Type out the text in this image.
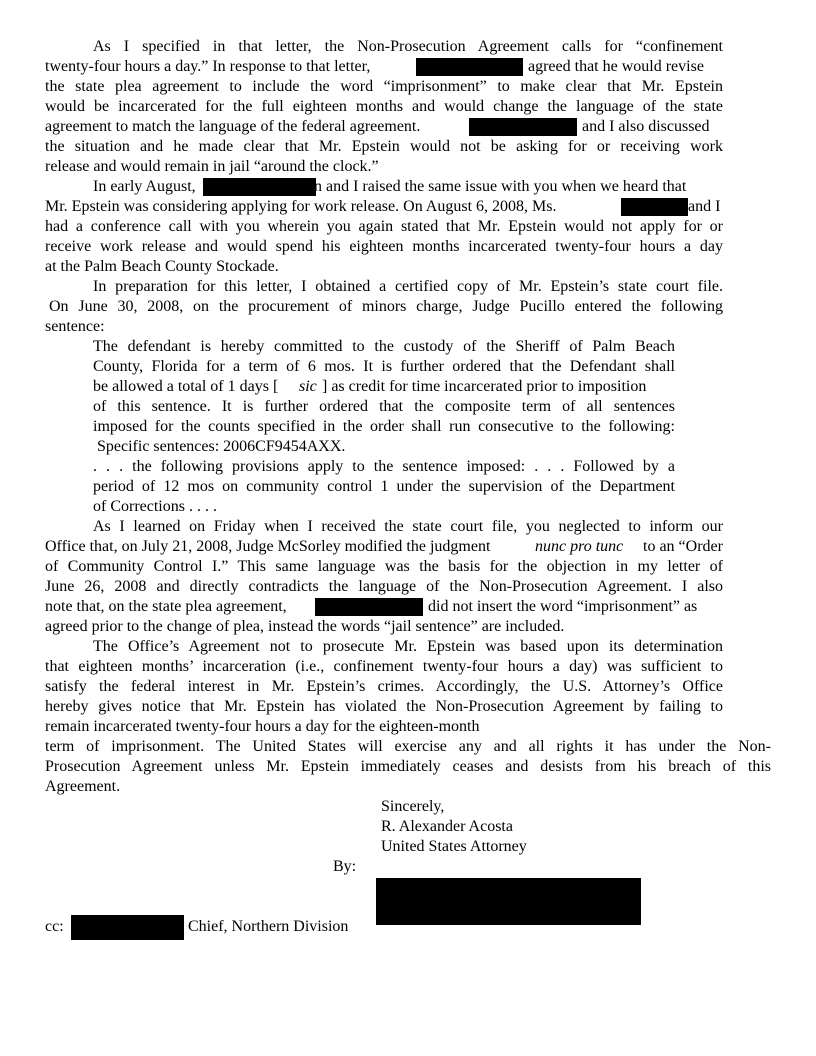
As I specified in that letter, the Non-Prosecution Agreement calls for “confinement
twenty-four hours a day.” In response to that letter,	agreed that he would revise
the state plea agreement to include the word “imprisonment” to make clear that Mr. Epstein
would be incarcerated for the full eighteen months and would change the language of the state
agreement to match the language of the federal agreement.	and I also discussed
the situation and he made clear that Mr. Epstein would not be asking for or receiving work
release and would remain in jail “around the clock.”
In early August,	n and I raised the same issue with you when we heard that
Mr. Epstein was considering applying for work release. On August 6, 2008, Ms.	and I
had a conference call with you wherein you again stated that Mr. Epstein would not apply for or
receive work release and would spend his eighteen months incarcerated twenty-four hours a day
at the Palm Beach County Stockade.
In preparation for this letter, I obtained a certified copy of Mr. Epstein’s state court file.
On June 30, 2008, on the procurement of minors charge, Judge Pucillo entered the following
sentence:
The defendant is hereby committed to the custody of the Sheriff of Palm Beach
County, Florida for a term of 6 mos. It is further ordered that the Defendant shall
be allowed a total of 1 days [ sic ] as credit for time incarcerated prior to imposition
of this sentence. It is further ordered that the composite term of all sentences
imposed for the counts specified in the order shall run consecutive to the following:
Specific sentences: 2006CF9454AXX.
. . . the following provisions apply to the sentence imposed: . . . Followed by a
period of 12 mos on community control 1 under the supervision of the Department
of Corrections . . . .
As I learned on Friday when I received the state court file, you neglected to inform our
Office that, on July 21, 2008, Judge McSorley modified the judgment	nunc pro tunc to an “Order
of Community Control I.” This same language was the basis for the objection in my letter of
June 26, 2008 and directly contradicts the language of the Non-Prosecution Agreement. I also
note that, on the state plea agreement,	did not insert the word “imprisonment” as
agreed prior to the change of plea, instead the words “jail sentence” are included.
The Office’s Agreement not to prosecute Mr. Epstein was based upon its determination
that eighteen months’ incarceration (i.e., confinement twenty-four hours a day) was sufficient to
satisfy the federal interest in Mr. Epstein’s crimes. Accordingly, the U.S. Attorney’s Office
hereby gives notice that Mr. Epstein has violated the Non-Prosecution Agreement by failing to
remain incarcerated twenty-four hours a day for the eighteen-month
term of imprisonment. The United States will exercise any and all rights it has under the Non-
Prosecution Agreement unless Mr. Epstein immediately ceases and desists from his breach of this
Agreement.
Sincerely,
R. Alexander Acosta
United States Attorney
By:
cc:	Chief, Northern Division
